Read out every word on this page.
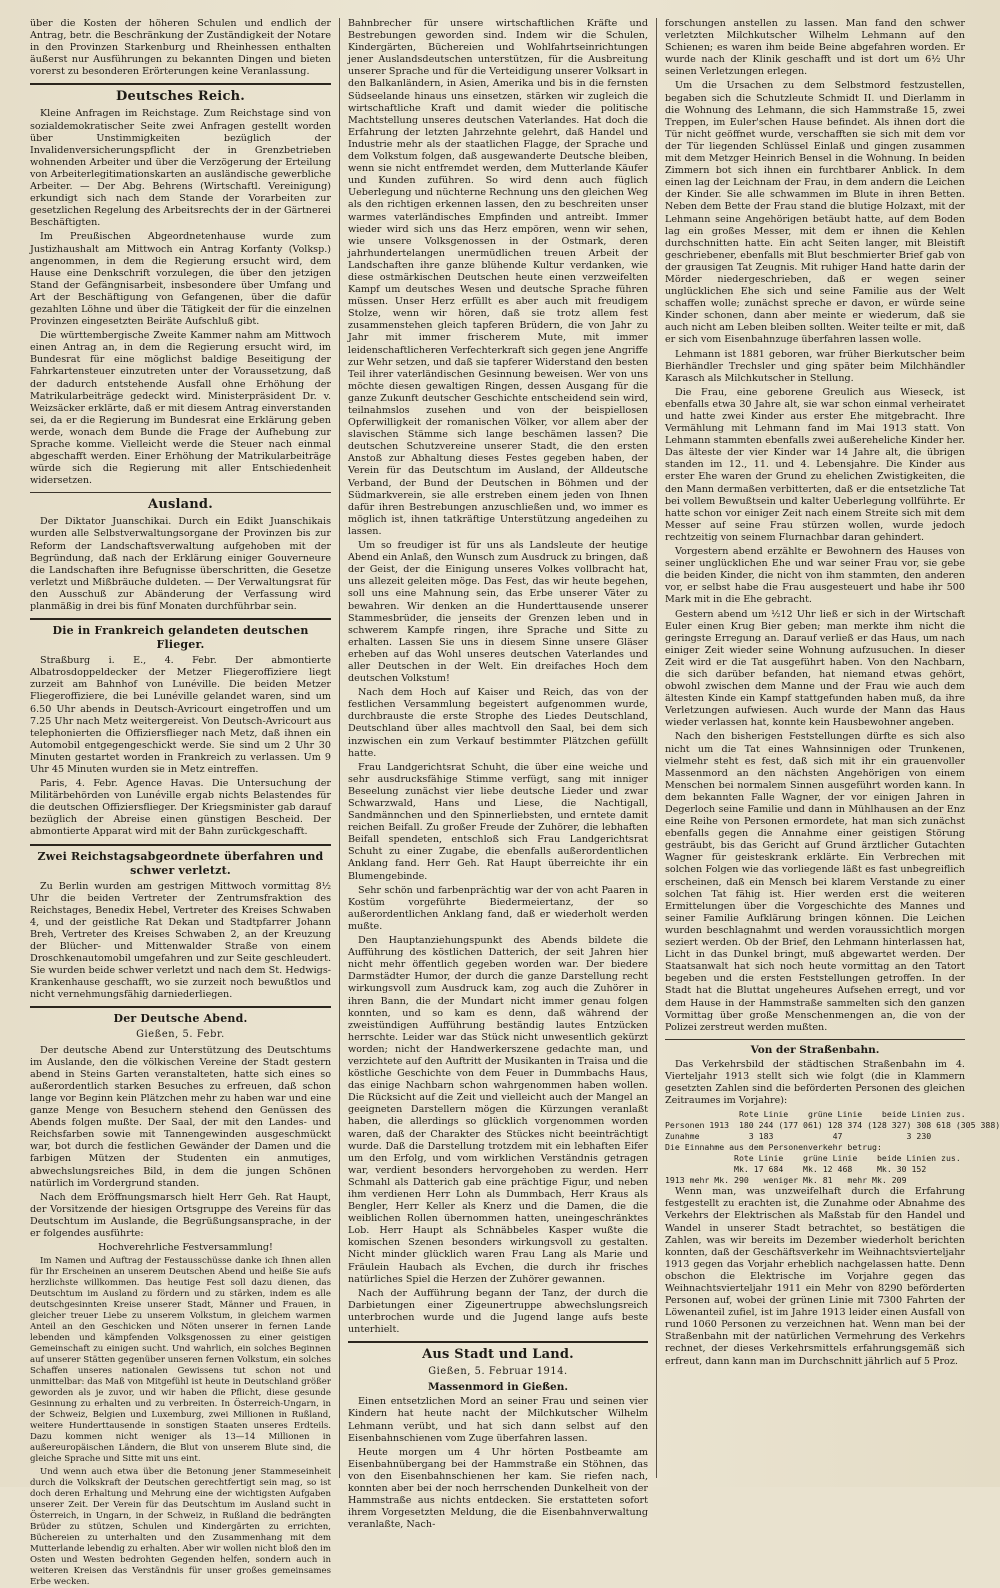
über die Kosten der höheren Schulen und endlich der Antrag, betr. die Beschränkung der Zuständigkeit der Notare in den Provinzen Starkenburg und Rheinhessen enthalten äußerst nur Ausführungen zu bekannten Dingen und bieten vorerst zu besonderen Erörterungen keine Veranlassung.

Deutsches Reich.

Kleine Anfragen im Reichstage. Zum Reichstage sind von sozialdemokratischer Seite zwei Anfragen gestellt worden über Unstimmigkeiten bezüglich der Invalidenversicherungspflicht der in Grenzbetrieben wohnenden Arbeiter und über die Verzögerung der Erteilung von Arbeiterlegitimationskarten an ausländische gewerbliche Arbeiter. — Der Abg. Behrens (Wirtschaftl. Vereinigung) erkundigt sich nach dem Stande der Vorarbeiten zur gesetzlichen Regelung des Arbeitsrechts der in der Gärtnerei Beschäftigten.

Im Preußischen Abgeordnetenhause wurde zum Justizhaushalt am Mittwoch ein Antrag Korfanty (Volksp.) angenommen, in dem die Regierung ersucht wird, dem Hause eine Denkschrift vorzulegen, die über den jetzigen Stand der Gefängnisarbeit, insbesondere über Umfang und Art der Beschäftigung von Gefangenen, über die dafür gezahlten Löhne und über die Tätigkeit der für die einzelnen Provinzen eingesetzten Beiräte Aufschluß gibt.

Die württembergische Zweite Kammer nahm am Mittwoch einen Antrag an, in dem die Regierung ersucht wird, im Bundesrat für eine möglichst baldige Beseitigung der Fahrkartensteuer einzutreten unter der Voraussetzung, daß der dadurch entstehende Ausfall ohne Erhöhung der Matrikularbeiträge gedeckt wird. Ministerpräsident Dr. v. Weizsäcker erklärte, daß er mit diesem Antrag einverstanden sei, da er die Regierung im Bundesrat eine Erklärung geben werde, wonach dem Bunde die Frage der Aufhebung zur Sprache komme. Vielleicht werde die Steuer nach einmal abgeschafft werden. Einer Erhöhung der Matrikularbeiträge würde sich die Regierung mit aller Entschiedenheit widersetzen.

Ausland.

Der Diktator Juanschikai. Durch ein Edikt Juanschikais wurden alle Selbstverwaltungsorgane der Provinzen bis zur Reform der Landschaftsverwaltung aufgehoben mit der Begründung, daß nach der Erklärung einiger Gouverneure die Landschaften ihre Befugnisse überschritten, die Gesetze verletzt und Mißbräuche duldeten. — Der Verwaltungsrat für den Ausschuß zur Abänderung der Verfassung wird planmäßig in drei bis fünf Monaten durchführbar sein.

Die in Frankreich gelandeten deutschen Flieger.

Straßburg i. E., 4. Febr. Der abmontierte Albatrosdoppeldecker der Metzer Fliegeroffiziere liegt zurzeit am Bahnhof von Lunéville. Die beiden Metzer Fliegeroffiziere, die bei Lunéville gelandet waren, sind um 6.50 Uhr abends in Deutsch-Avricourt eingetroffen und um 7.25 Uhr nach Metz weitergereist. Von Deutsch-Avricourt aus telephonierten die Offiziersflieger nach Metz, daß ihnen ein Automobil entgegengeschickt werde. Sie sind um 2 Uhr 30 Minuten gestartet worden in Frankreich zu verlassen. Um 9 Uhr 45 Minuten wurden sie in Metz eintreffen.

Paris, 4. Febr. Agence Havas. Die Untersuchung der Militärbehörden von Lunéville ergab nichts Belastendes für die deutschen Offiziersflieger. Der Kriegsminister gab darauf bezüglich der Abreise einen günstigen Bescheid. Der abmontierte Apparat wird mit der Bahn zurückgeschafft.

Zwei Reichstagsabgeordnete überfahren und schwer verletzt.

Zu Berlin wurden am gestrigen Mittwoch vormittag 8½ Uhr die beiden Vertreter der Zentrumsfraktion des Reichstages, Benedix Hebel, Vertreter des Kreises Schwaben 4, und der geistliche Rat Dekan und Stadtpfarrer Johann Breh, Vertreter des Kreises Schwaben 2, an der Kreuzung der Blücher- und Mittenwalder Straße von einem Droschkenautomobil umgefahren und zur Seite geschleudert. Sie wurden beide schwer verletzt und nach dem St. Hedwigs-Krankenhause geschafft, wo sie zurzeit noch bewußtlos und nicht vernehmungsfähig darniederliegen.

Der Deutsche Abend.
Gießen, 5. Febr.

Der deutsche Abend zur Unterstützung des Deutschtums im Auslande, den die völkischen Vereine der Stadt gestern abend in Steins Garten veranstalteten, hatte sich eines so außerordentlich starken Besuches zu erfreuen, daß schon lange vor Beginn kein Plätzchen mehr zu haben war und eine ganze Menge von Besuchern stehend den Genüssen des Abends folgen mußte. Der Saal, der mit den Landes- und Reichsfarben sowie mit Tannengewinden ausgeschmückt war, bot durch die festlichen Gewänder der Damen und die farbigen Mützen der Studenten ein anmutiges, abwechslungsreiches Bild, in dem die jungen Schönen natürlich im Vordergrund standen.

Nach dem Eröffnungsmarsch hielt Herr Geh. Rat Haupt, der Vorsitzende der hiesigen Ortsgruppe des Vereins für das Deutschtum im Auslande, die Begrüßungsansprache, in der er folgendes ausführte:

Hochverehrliche Festversammlung!

Im Namen und Auftrag der Festausschüsse danke ich Ihnen allen für Ihr Erscheinen an unserem Deutschen Abend und heiße Sie aufs herzlichste willkommen. Das heutige Fest soll dazu dienen, das Deutschtum im Ausland zu fördern und zu stärken, indem es alle deutschgesinnten Kreise unserer Stadt, Männer und Frauen, in gleicher treuer Liebe zu unserem Volkstum, in gleichem warmen Anteil an den Geschicken und Nöten unserer in fernen Lande lebenden und kämpfenden Volksgenossen zu einer geistigen Gemeinschaft zu einigen sucht. Und wahrlich, ein solches Beginnen auf unserer Stätten gegenüber unseren fernen Volkstum, ein solches Schaffen unseres nationalen Gewissens tut schon not und unmittelbar: das Maß von Mitgefühl ist heute in Deutschland größer geworden als je zuvor, und wir haben die Pflicht, diese gesunde Gesinnung zu erhalten und zu verbreiten. In Österreich-Ungarn, in der Schweiz, Belgien und Luxemburg, zwei Millionen in Rußland, weitere Hunderttausende in sonstigen Staaten unseres Erdteils. Dazu kommen nicht weniger als 13—14 Millionen in außereuropäischen Ländern, die Blut von unserem Blute sind, die gleiche Sprache und Sitte mit uns eint.

Und wenn auch etwa über die Betonung jener Stammeseinheit durch die Volkskraft der Deutschen gerechtfertigt sein mag, so ist doch deren Erhaltung und Mehrung eine der wichtigsten Aufgaben unserer Zeit. Der Verein für das Deutschtum im Ausland sucht in Österreich, in Ungarn, in der Schweiz, in Rußland die bedrängten Brüder zu stützen, Schulen und Kindergärten zu errichten, Büchereien zu unterhalten und den Zusammenhang mit dem Mutterlande lebendig zu erhalten. Aber wir wollen nicht bloß den im Osten und Westen bedrohten Gegenden helfen, sondern auch in weiteren Kreisen das Verständnis für unser großes gemeinsames Erbe wecken.

Bahnbrecher für unsere wirtschaftlichen Kräfte und Bestrebungen geworden sind. Indem wir die Schulen, Kindergärten, Büchereien und Wohlfahrtseinrichtungen jener Auslandsdeutschen unterstützen, für die Ausbreitung unserer Sprache und für die Verteidigung unserer Volksart in den Balkanländern, in Asien, Amerika und bis in die fernsten Südseelande hinaus uns einsetzen, stärken wir zugleich die wirtschaftliche Kraft und damit wieder die politische Machtstellung unseres deutschen Vaterlandes. Hat doch die Erfahrung der letzten Jahrzehnte gelehrt, daß Handel und Industrie mehr als der staatlichen Flagge, der Sprache und dem Volkstum folgen, daß ausgewanderte Deutsche bleiben, wenn sie nicht entfremdet werden, dem Mutterlande Käufer und Kunden zuführen. So wird denn auch füglich Ueberlegung und nüchterne Rechnung uns den gleichen Weg als den richtigen erkennen lassen, den zu beschreiten unser warmes vaterländisches Empfinden und antreibt. Immer wieder wird sich uns das Herz empören, wenn wir sehen, wie unsere Volksgenossen in der Ostmark, deren jahrhundertelangen unermüdlichen treuen Arbeit der Landschaften ihre ganze blühende Kultur verdanken, wie diese ostmärkischen Deutschen heute einen verzweifelten Kampf um deutsches Wesen und deutsche Sprache führen müssen. Unser Herz erfüllt es aber auch mit freudigem Stolze, wenn wir hören, daß sie trotz allem fest zusammenstehen gleich tapferen Brüdern, die von Jahr zu Jahr mit immer frischerem Mute, mit immer leidenschaftlicheren Verfechterkraft sich gegen jene Angriffe zur Wehr setzen, und daß sie tapferer Widerstand den besten Teil ihrer vaterländischen Gesinnung beweisen. Wer von uns möchte diesen gewaltigen Ringen, dessen Ausgang für die ganze Zukunft deutscher Geschichte entscheidend sein wird, teilnahmslos zusehen und von der beispiellosen Opferwilligkeit der romanischen Völker, vor allem aber der slavischen Stämme sich lange beschämen lassen? Die deutschen Schutzvereine unserer Stadt, die den ersten Anstoß zur Abhaltung dieses Festes gegeben haben, der Verein für das Deutschtum im Ausland, der Alldeutsche Verband, der Bund der Deutschen in Böhmen und der Südmarkverein, sie alle erstreben einem jeden von Ihnen dafür ihren Bestrebungen anzuschließen und, wo immer es möglich ist, ihnen tatkräftige Unterstützung angedeihen zu lassen.

Um so freudiger ist für uns als Landsleute der heutige Abend ein Anlaß, den Wunsch zum Ausdruck zu bringen, daß der Geist, der die Einigung unseres Volkes vollbracht hat, uns allezeit geleiten möge. Das Fest, das wir heute begehen, soll uns eine Mahnung sein, das Erbe unserer Väter zu bewahren. Wir denken an die Hunderttausende unserer Stammesbrüder, die jenseits der Grenzen leben und in schwerem Kampfe ringen, ihre Sprache und Sitte zu erhalten. Lassen Sie uns in diesem Sinne unsere Gläser erheben auf das Wohl unseres deutschen Vaterlandes und aller Deutschen in der Welt. Ein dreifaches Hoch dem deutschen Volkstum!

Nach dem Hoch auf Kaiser und Reich, das von der festlichen Versammlung begeistert aufgenommen wurde, durchbrauste die erste Strophe des Liedes Deutschland, Deutschland über alles machtvoll den Saal, bei dem sich inzwischen ein zum Verkauf bestimmter Plätzchen gefüllt hatte.

Frau Landgerichtsrat Schuht, die über eine weiche und sehr ausdrucksfähige Stimme verfügt, sang mit inniger Beseelung zunächst vier liebe deutsche Lieder und zwar Schwarzwald, Hans und Liese, die Nachtigall, Sandmännchen und den Spinnerliebsten, und erntete damit reichen Beifall. Zu großer Freude der Zuhörer, die lebhaften Beifall spendeten, entschloß sich Frau Landgerichtsrat Schuht zu einer Zugabe, die ebenfalls außerordentlichen Anklang fand. Herr Geh. Rat Haupt überreichte ihr ein Blumengebinde.

Sehr schön und farbenprächtig war der von acht Paaren in Kostüm vorgeführte Biedermeiertanz, der so außerordentlichen Anklang fand, daß er wiederholt werden mußte.

Den Hauptanziehungspunkt des Abends bildete die Aufführung des köstlichen Datterich, der seit Jahren hier nicht mehr öffentlich gegeben worden war. Der biedere Darmstädter Humor, der durch die ganze Darstellung recht wirkungsvoll zum Ausdruck kam, zog auch die Zuhörer in ihren Bann, die der Mundart nicht immer genau folgen konnten, und so kam es denn, daß während der zweistündigen Aufführung beständig lautes Entzücken herrschte. Leider war das Stück nicht unwesentlich gekürzt worden; nicht der Handwerkerszene gedachte man, und verzichtete auf den Auftritt der Musikanten in Traisa und die köstliche Geschichte von dem Feuer in Dummbachs Haus, das einige Nachbarn schon wahrgenommen haben wollen. Die Rücksicht auf die Zeit und vielleicht auch der Mangel an geeigneten Darstellern mögen die Kürzungen veranlaßt haben, die allerdings so glücklich vorgenommen worden waren, daß der Charakter des Stückes nicht beeinträchtigt wurde. Daß die Darstellung trotzdem mit ein lebhaften Eifer um den Erfolg, und vom wirklichen Verständnis getragen war, verdient besonders hervorgehoben zu werden. Herr Schmahl als Datterich gab eine prächtige Figur, und neben ihm verdienen Herr Lohn als Dummbach, Herr Kraus als Bengler, Herr Keller als Knerz und die Damen, die die weiblichen Rollen übernommen hatten, uneingeschränktes Lob. Herr Haupt als Schnäbbeles Kasper wußte die komischen Szenen besonders wirkungsvoll zu gestalten. Nicht minder glücklich waren Frau Lang als Marie und Fräulein Haubach als Evchen, die durch ihr frisches natürliches Spiel die Herzen der Zuhörer gewannen.

Nach der Aufführung begann der Tanz, der durch die Darbietungen einer Zigeunertruppe abwechslungsreich unterbrochen wurde und die Jugend lange aufs beste unterhielt.

Aus Stadt und Land.
Gießen, 5. Februar 1914.
Massenmord in Gießen.

Einen entsetzlichen Mord an seiner Frau und seinen vier Kindern hat heute nacht der Milchkutscher Wilhelm Lehmann verübt, und hat sich dann selbst auf den Eisenbahnschienen vom Zuge überfahren lassen.

Heute morgen um 4 Uhr hörten Postbeamte am Eisenbahnübergang bei der Hammstraße ein Stöhnen, das von den Eisenbahnschienen her kam. Sie riefen nach, konnten aber bei der noch herrschenden Dunkelheit von der Hammstraße aus nichts entdecken. Sie erstatteten sofort ihrem Vorgesetzten Meldung, die die Eisenbahnverwaltung veranlaßte, Nach-

forschungen anstellen zu lassen. Man fand den schwer verletzten Milchkutscher Wilhelm Lehmann auf den Schienen; es waren ihm beide Beine abgefahren worden. Er wurde nach der Klinik geschafft und ist dort um 6½ Uhr seinen Verletzungen erlegen.

Um die Ursachen zu dem Selbstmord festzustellen, begaben sich die Schutzleute Schmidt II. und Dierlamm in die Wohnung des Lehmann, die sich Hammstraße 15, zwei Treppen, im Euler'schen Hause befindet. Als ihnen dort die Tür nicht geöffnet wurde, verschafften sie sich mit dem vor der Tür liegenden Schlüssel Einlaß und gingen zusammen mit dem Metzger Heinrich Bensel in die Wohnung. In beiden Zimmern bot sich ihnen ein furchtbarer Anblick. In dem einen lag der Leichnam der Frau, in dem andern die Leichen der Kinder. Sie alle schwammen im Blute in ihren Betten. Neben dem Bette der Frau stand die blutige Holzaxt, mit der Lehmann seine Angehörigen betäubt hatte, auf dem Boden lag ein großes Messer, mit dem er ihnen die Kehlen durchschnitten hatte. Ein acht Seiten langer, mit Bleistift geschriebener, ebenfalls mit Blut beschmierter Brief gab von der grausigen Tat Zeugnis. Mit ruhiger Hand hatte darin der Mörder niedergeschrieben, daß er wegen seiner unglücklichen Ehe sich und seine Familie aus der Welt schaffen wolle; zunächst spreche er davon, er würde seine Kinder schonen, dann aber meinte er wiederum, daß sie auch nicht am Leben bleiben sollten. Weiter teilte er mit, daß er sich vom Eisenbahnzuge überfahren lassen wolle.

Lehmann ist 1881 geboren, war früher Bierkutscher beim Bierhändler Trechsler und ging später beim Milchhändler Karasch als Milchkutscher in Stellung.

Die Frau, eine geborene Greulich aus Wieseck, ist ebenfalls etwa 30 Jahre alt, sie war schon einmal verheiratet und hatte zwei Kinder aus erster Ehe mitgebracht. Ihre Vermählung mit Lehmann fand im Mai 1913 statt. Von Lehmann stammten ebenfalls zwei außereheliche Kinder her. Das älteste der vier Kinder war 14 Jahre alt, die übrigen standen im 12., 11. und 4. Lebensjahre. Die Kinder aus erster Ehe waren der Grund zu ehelichen Zwistigkeiten, die den Mann dermaßen verbitterten, daß er die entsetzliche Tat bei vollem Bewußtsein und kalter Ueberlegung vollführte. Er hatte schon vor einiger Zeit nach einem Streite sich mit dem Messer auf seine Frau stürzen wollen, wurde jedoch rechtzeitig von seinem Flurnachbar daran gehindert.

Vorgestern abend erzählte er Bewohnern des Hauses von seiner unglücklichen Ehe und war seiner Frau vor, sie gebe die beiden Kinder, die nicht von ihm stammten, den anderen vor, er selbst habe die Frau ausgesteuert und habe ihr 500 Mark mit in die Ehe gebracht.

Gestern abend um ½12 Uhr ließ er sich in der Wirtschaft Euler einen Krug Bier geben; man merkte ihm nicht die geringste Erregung an. Darauf verließ er das Haus, um nach einiger Zeit wieder seine Wohnung aufzusuchen. In dieser Zeit wird er die Tat ausgeführt haben. Von den Nachbarn, die sich darüber befanden, hat niemand etwas gehört, obwohl zwischen dem Manne und der Frau wie auch dem ältesten Kinde ein Kampf stattgefunden haben muß, da ihre Verletzungen aufwiesen. Auch wurde der Mann das Haus wieder verlassen hat, konnte kein Hausbewohner angeben.

Nach den bisherigen Feststellungen dürfte es sich also nicht um die Tat eines Wahnsinnigen oder Trunkenen, vielmehr steht es fest, daß sich mit ihr ein grauenvoller Massenmord an den nächsten Angehörigen von einem Menschen bei normalem Sinnen ausgeführt worden kann. In dem bekannten Falle Wagner, der vor einigen Jahren in Degerloch seine Familie und dann in Mühlhausen an der Enz eine Reihe von Personen ermordete, hat man sich zunächst ebenfalls gegen die Annahme einer geistigen Störung gesträubt, bis das Gericht auf Grund ärztlicher Gutachten Wagner für geisteskrank erklärte. Ein Verbrechen mit solchen Folgen wie das vorliegende läßt es fast unbegreiflich erscheinen, daß ein Mensch bei klarem Verstande zu einer solchen Tat fähig ist. Hier werden erst die weiteren Ermittelungen über die Vorgeschichte des Mannes und seiner Familie Aufklärung bringen können. Die Leichen wurden beschlagnahmt und werden voraussichtlich morgen seziert werden. Ob der Brief, den Lehmann hinterlassen hat, Licht in das Dunkel bringt, muß abgewartet werden. Der Staatsanwalt hat sich noch heute vormittag an den Tatort begeben und die ersten Feststellungen getroffen. In der Stadt hat die Bluttat ungeheures Aufsehen erregt, und vor dem Hause in der Hammstraße sammelten sich den ganzen Vormittag über große Menschenmengen an, die von der Polizei zerstreut werden mußten.

Von der Straßenbahn.

Das Verkehrsbild der städtischen Straßenbahn im 4. Vierteljahr 1913 stellt sich wie folgt (die in Klammern gesetzten Zahlen sind die beförderten Personen des gleichen Zeitraumes im Vorjahre):

Rote Linie    grüne Linie    beide Linien zus.
Personen 1913  180 244 (177 061) 128 374 (128 327) 308 618 (305 388)
Zunahme          3 183            47             3 230
Die Einnahme aus dem Personenverkehr betrug:
Rote Linie    grüne Linie    beide Linien zus.
Mk. 17 684    Mk. 12 468     Mk. 30 152
1913 mehr Mk. 290   weniger Mk. 81   mehr Mk. 209

Wenn man, was unzweifelhaft durch die Erfahrung festgestellt zu erachten ist, die Zunahme oder Abnahme des Verkehrs der Elektrischen als Maßstab für den Handel und Wandel in unserer Stadt betrachtet, so bestätigen die Zahlen, was wir bereits im Dezember wiederholt berichten konnten, daß der Geschäftsverkehr im Weihnachtsvierteljahr 1913 gegen das Vorjahr erheblich nachgelassen hatte. Denn obschon die Elektrische im Vorjahre gegen das Weihnachtsvierteljahr 1911 ein Mehr von 8290 beförderten Personen auf, wobei der grünen Linie mit 7300 Fahrten der Löwenanteil zufiel, ist im Jahre 1913 leider einen Ausfall von rund 1060 Personen zu verzeichnen hat. Wenn man bei der Straßenbahn mit der natürlichen Vermehrung des Verkehrs rechnet, der dieses Verkehrsmittels erfahrungsgemäß sich erfreut, dann kann man im Durchschnitt jährlich auf 5 Proz.
